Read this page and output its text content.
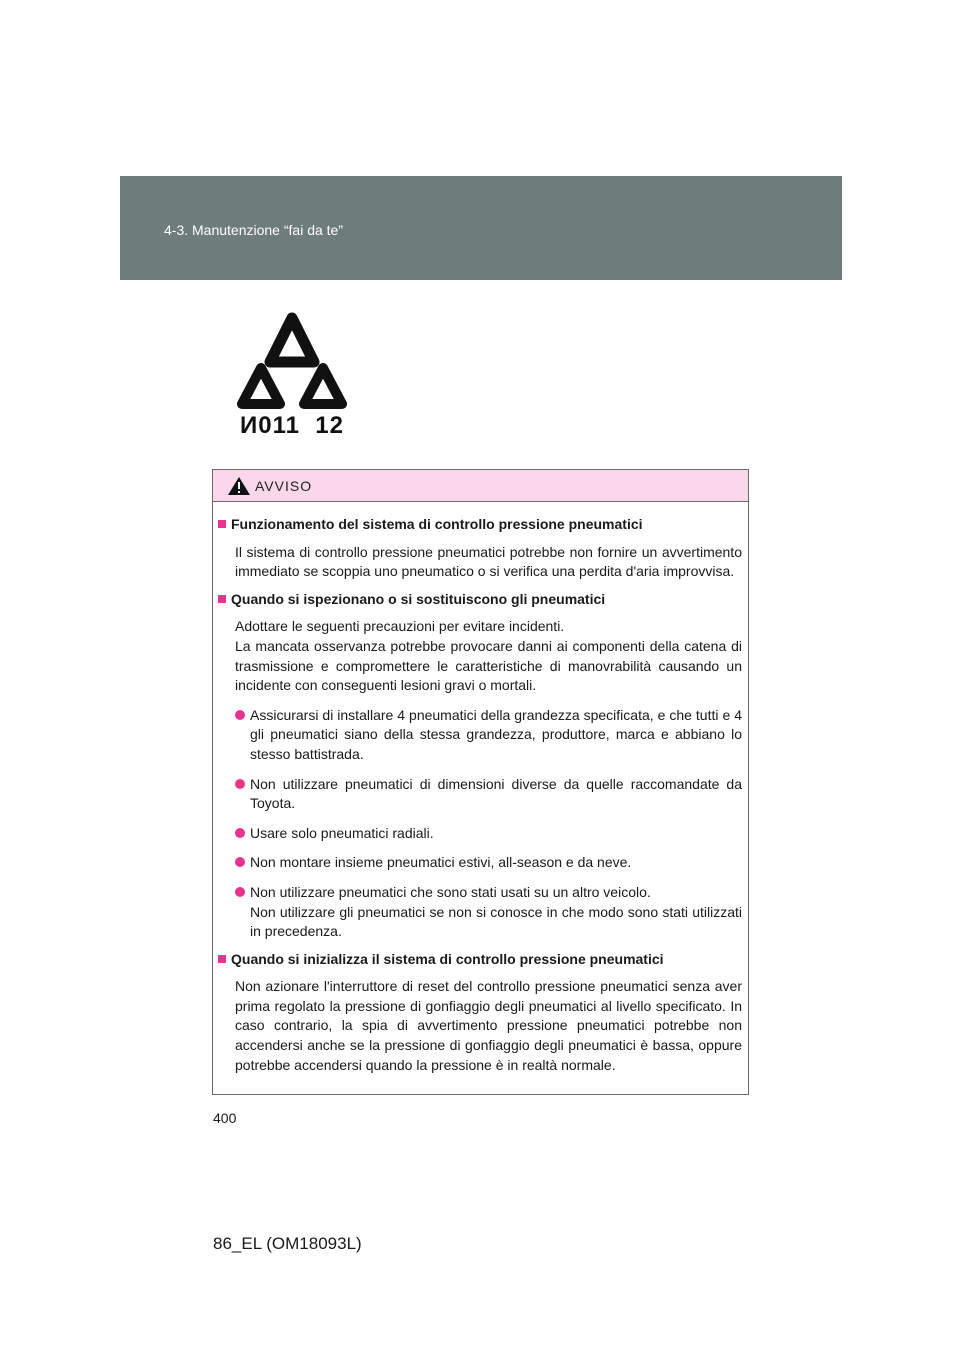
4-3. Manutenzione “fai da te”
И011  12
AVVISO
Funzionamento del sistema di controllo pressione pneumatici
Il sistema di controllo pressione pneumatici potrebbe non fornire un avvertimento immediato se scoppia uno pneumatico o si verifica una perdita d'aria improvvisa.
Quando si ispezionano o si sostituiscono gli pneumatici
Adottare le seguenti precauzioni per evitare incidenti.
La mancata osservanza potrebbe provocare danni ai componenti della catena di trasmissione e compromettere le caratteristiche di manovrabilità causando un incidente con conseguenti lesioni gravi o mortali.
Assicurarsi di installare 4 pneumatici della grandezza specificata, e che tutti e 4 gli pneumatici siano della stessa grandezza, produttore, marca e abbiano lo stesso battistrada.
Non utilizzare pneumatici di dimensioni diverse da quelle raccomandate da Toyota.
Usare solo pneumatici radiali.
Non montare insieme pneumatici estivi, all-season e da neve.
Non utilizzare pneumatici che sono stati usati su un altro veicolo.
Non utilizzare gli pneumatici se non si conosce in che modo sono stati utilizzati in precedenza.
Quando si inizializza il sistema di controllo pressione pneumatici
Non azionare l'interruttore di reset del controllo pressione pneumatici senza aver prima regolato la pressione di gonfiaggio degli pneumatici al livello specificato. In caso contrario, la spia di avvertimento pressione pneumatici potrebbe non accendersi anche se la pressione di gonfiaggio degli pneumatici è bassa, oppure potrebbe accendersi quando la pressione è in realtà normale.
400
86_EL (OM18093L)
